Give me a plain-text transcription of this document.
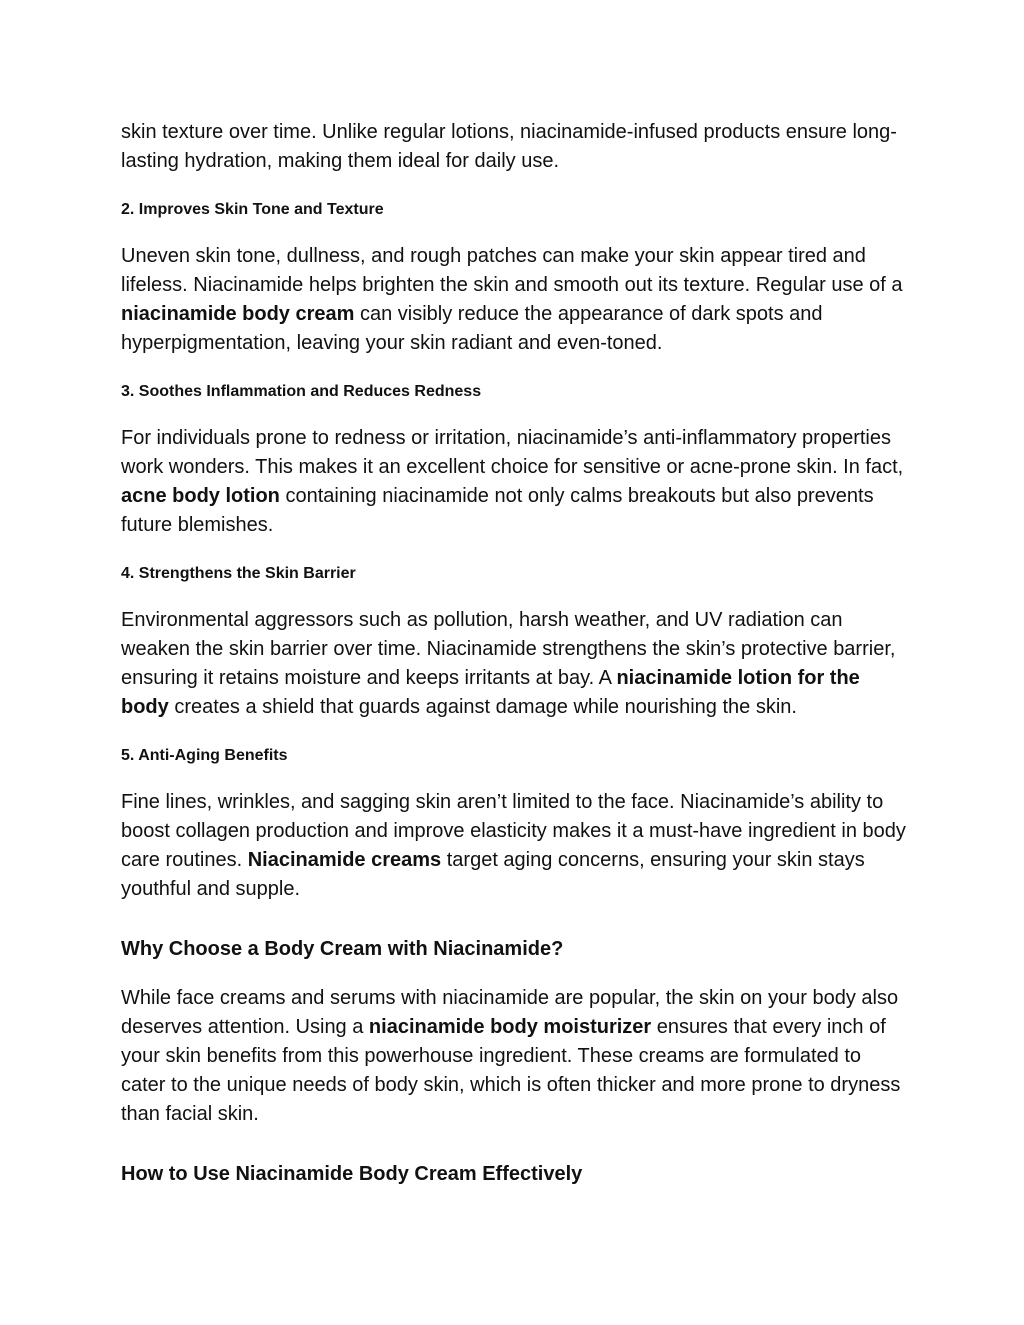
skin texture over time. Unlike regular lotions, niacinamide-infused products ensure long-lasting hydration, making them ideal for daily use.

2. Improves Skin Tone and Texture

Uneven skin tone, dullness, and rough patches can make your skin appear tired and lifeless. Niacinamide helps brighten the skin and smooth out its texture. Regular use of a niacinamide body cream can visibly reduce the appearance of dark spots and hyperpigmentation, leaving your skin radiant and even-toned.

3. Soothes Inflammation and Reduces Redness

For individuals prone to redness or irritation, niacinamide’s anti-inflammatory properties work wonders. This makes it an excellent choice for sensitive or acne-prone skin. In fact, acne body lotion containing niacinamide not only calms breakouts but also prevents future blemishes.

4. Strengthens the Skin Barrier

Environmental aggressors such as pollution, harsh weather, and UV radiation can weaken the skin barrier over time. Niacinamide strengthens the skin’s protective barrier, ensuring it retains moisture and keeps irritants at bay. A niacinamide lotion for the body creates a shield that guards against damage while nourishing the skin.

5. Anti-Aging Benefits

Fine lines, wrinkles, and sagging skin aren’t limited to the face. Niacinamide’s ability to boost collagen production and improve elasticity makes it a must-have ingredient in body care routines. Niacinamide creams target aging concerns, ensuring your skin stays youthful and supple.

Why Choose a Body Cream with Niacinamide?

While face creams and serums with niacinamide are popular, the skin on your body also deserves attention. Using a niacinamide body moisturizer ensures that every inch of your skin benefits from this powerhouse ingredient. These creams are formulated to cater to the unique needs of body skin, which is often thicker and more prone to dryness than facial skin.

How to Use Niacinamide Body Cream Effectively
